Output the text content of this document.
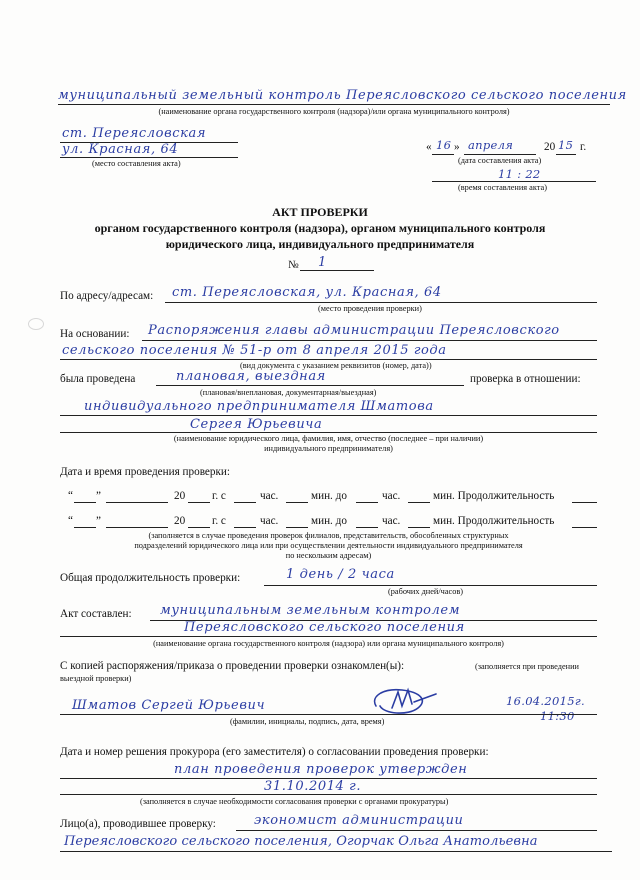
муниципальный земельный контроль Переясловского сельского поселения
(наименование органа государственного контроля (надзора)/или органа муниципального контроля)
ст. Переясловская
ул. Красная, 64
(место составления акта)
« 16 » апреля	20 15 г.
(дата составления акта)
11 : 22
(время составления акта)
АКТ ПРОВЕРКИ
органом государственного контроля (надзора), органом муниципального контроля
юридического лица, индивидуального предпринимателя
№ 1
По адресу/адресам: ст. Переясловская, ул. Красная, 64
(место проведения проверки)
На основании: Распоряжения главы администрации Переясловского
сельского поселения № 51-р от 8 апреля 2015 года
(вид документа с указанием реквизитов (номер, дата))
была проведена	плановая, выездная	проверка в отношении:
(плановая/внеплановая, документарная/выездная)
индивидуального предпринимателя Шматова
Сергея Юрьевича
(наименование юридического лица, фамилия, имя, отчество (последнее – при наличии)
индивидуального предпринимателя)
Дата и время проведения проверки:
“ ”	20 г. с	час.	мин. до	час.	мин. Продолжительность
“ ”	20 г. с	час.	мин. до	час.	мин. Продолжительность
(заполняется в случае проведения проверок филиалов, представительств, обособленных структурных
подразделений юридического лица или при осуществлении деятельности индивидуального предпринимателя
по нескольким адресам)
Общая продолжительность проверки:	1 день / 2 часа
(рабочих дней/часов)
Акт составлен: муниципальным земельным контролем
Переясловского сельского поселения
(наименование органа государственного контроля (надзора) или органа муниципального контроля)
С копией распоряжения/приказа о проведении проверки ознакомлен(ы):	(заполняется при проведении
выездной проверки)
Шматов Сергей Юрьевич	16.04.2015г.
11:30
(фамилии, инициалы, подпись, дата, время)
Дата и номер решения прокурора (его заместителя) о согласовании проведения проверки:
план проведения проверок утвержден
31.10.2014 г.
(заполняется в случае необходимости согласования проверки с органами прокуратуры)
Лицо(а), проводившее проверку:	экономист администрации
Переясловского сельского поселения, Огорчак Ольга Анатольевна
